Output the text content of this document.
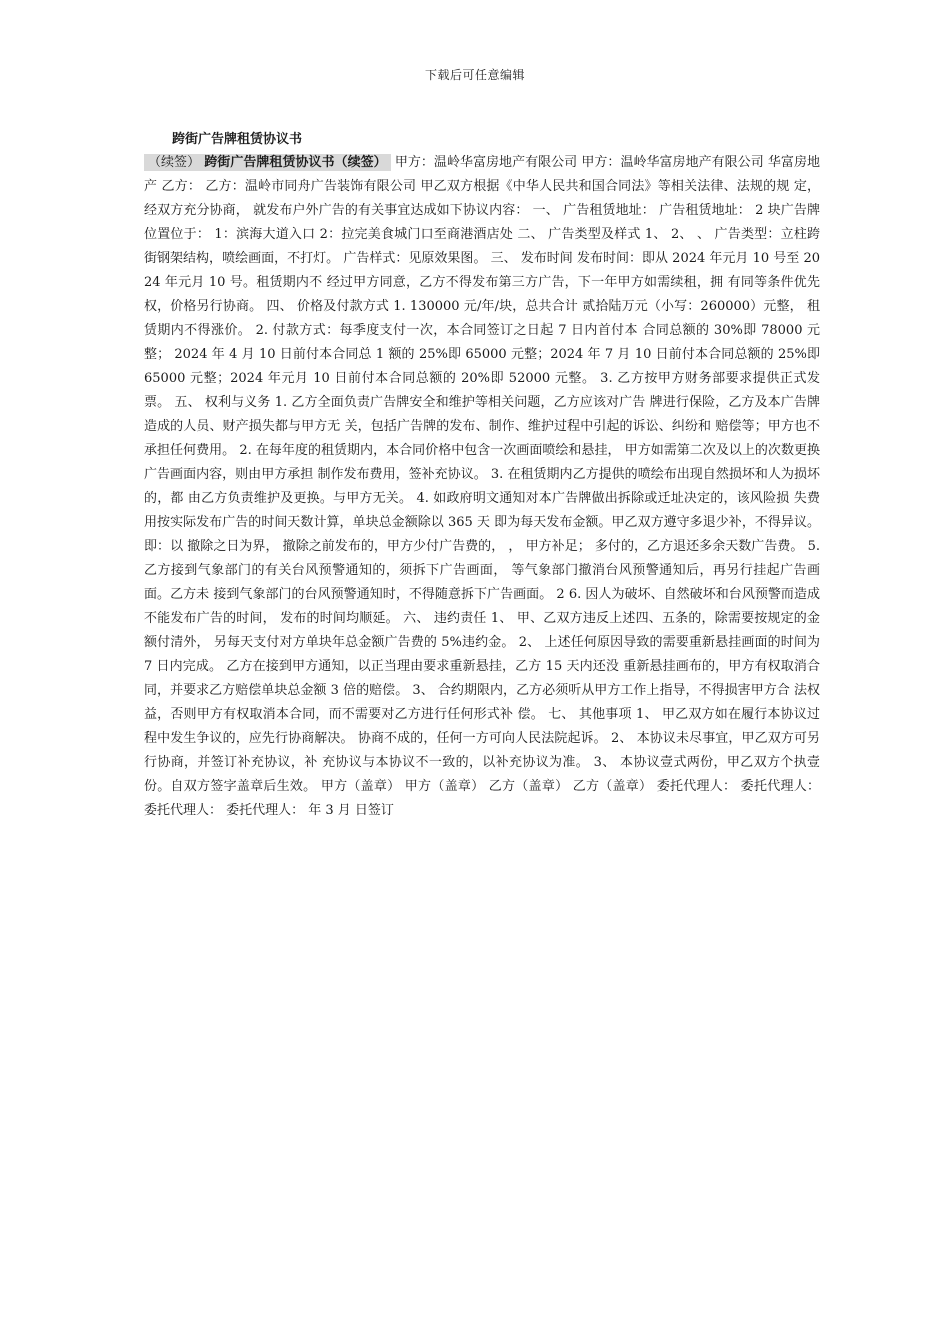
下载后可任意编辑
跨街广告牌租赁协议书
（续签） 跨街广告牌租赁协议书（续签） 甲方：温岭华富房地产有限公司 甲方：温岭华富房地产有限公司 华富房地产 乙方： 乙方：温岭市同舟广告装饰有限公司 甲乙双方根据《中华人民共和国合同法》等相关法律、法规的规 定， 经双方充分协商， 就发布户外广告的有关事宜达成如下协议内容： 一、 广告租赁地址： 广告租赁地址： 2 块广告牌位置位于： 1：滨海大道入口 2：拉完美食城门口至商港酒店处 二、 广告类型及样式 1、 2、 、 广告类型：立柱跨街钢架结构，喷绘画面，不打灯。 广告样式：见原效果图。 三、 发布时间 发布时间：即从 2024 年元月 10 号至 2024 年元月 10 号。租赁期内不 经过甲方同意，乙方不得发布第三方广告，下一年甲方如需续租，拥 有同等条件优先权，价格另行协商。 四、 价格及付款方式 1. 130000 元/年/块，总共合计 贰拾陆万元（小写：260000）元整， 租赁期内不得涨价。 2. 付款方式：每季度支付一次，本合同签订之日起 7 日内首付本 合同总额的 30%即 78000 元整； 2024 年 4 月 10 日前付本合同总 1 额的 25%即 65000 元整；2024 年 7 月 10 日前付本合同总额的 25%即 65000 元整；2024 年元月 10 日前付本合同总额的 20%即 52000 元整。 3. 乙方按甲方财务部要求提供正式发票。 五、 权利与义务 1. 乙方全面负责广告牌安全和维护等相关问题，乙方应该对广告 牌进行保险，乙方及本广告牌造成的人员、财产损失都与甲方无 关，包括广告牌的发布、制作、维护过程中引起的诉讼、纠纷和 赔偿等；甲方也不承担任何费用。 2. 在每年度的租赁期内，本合同价格中包含一次画面喷绘和悬挂， 甲方如需第二次及以上的次数更换广告画面内容，则由甲方承担 制作发布费用，签补充协议。 3. 在租赁期内乙方提供的喷绘布出现自然损坏和人为损坏的，都 由乙方负责维护及更换。与甲方无关。 4. 如政府明文通知对本广告牌做出拆除或迁址决定的，该风险损 失费用按实际发布广告的时间天数计算，单块总金额除以 365 天 即为每天发布金额。甲乙双方遵守多退少补，不得异议。即：以 撤除之日为界， 撤除之前发布的，甲方少付广告费的， ， 甲方补足； 多付的，乙方退还多余天数广告费。 5. 乙方接到气象部门的有关台风预警通知的，须拆下广告画面， 等气象部门撤消台风预警通知后，再另行挂起广告画面。乙方未 接到气象部门的台风预警通知时，不得随意拆下广告画面。 2 6. 因人为破坏、自然破坏和台风预警而造成不能发布广告的时间， 发布的时间均顺延。 六、 违约责任 1、 甲、乙双方违反上述四、五条的，除需要按规定的金额付清外， 另每天支付对方单块年总金额广告费的 5%违约金。 2、 上述任何原因导致的需要重新悬挂画面的时间为 7 日内完成。 乙方在接到甲方通知，以正当理由要求重新悬挂，乙方 15 天内还没 重新悬挂画布的，甲方有权取消合同，并要求乙方赔偿单块总金额 3 倍的赔偿。 3、 合约期限内，乙方必须听从甲方工作上指导，不得损害甲方合 法权益，否则甲方有权取消本合同，而不需要对乙方进行任何形式补 偿。 七、 其他事项 1、 甲乙双方如在履行本协议过程中发生争议的，应先行协商解决。 协商不成的，任何一方可向人民法院起诉。 2、 本协议未尽事宜，甲乙双方可另行协商，并签订补充协议，补 充协议与本协议不一致的，以补充协议为准。 3、 本协议壹式两份，甲乙双方个执壹份。自双方签字盖章后生效。 甲方（盖章） 甲方（盖章） 乙方（盖章） 乙方（盖章） 委托代理人： 委托代理人： 委托代理人： 委托代理人： 年 3 月 日签订
